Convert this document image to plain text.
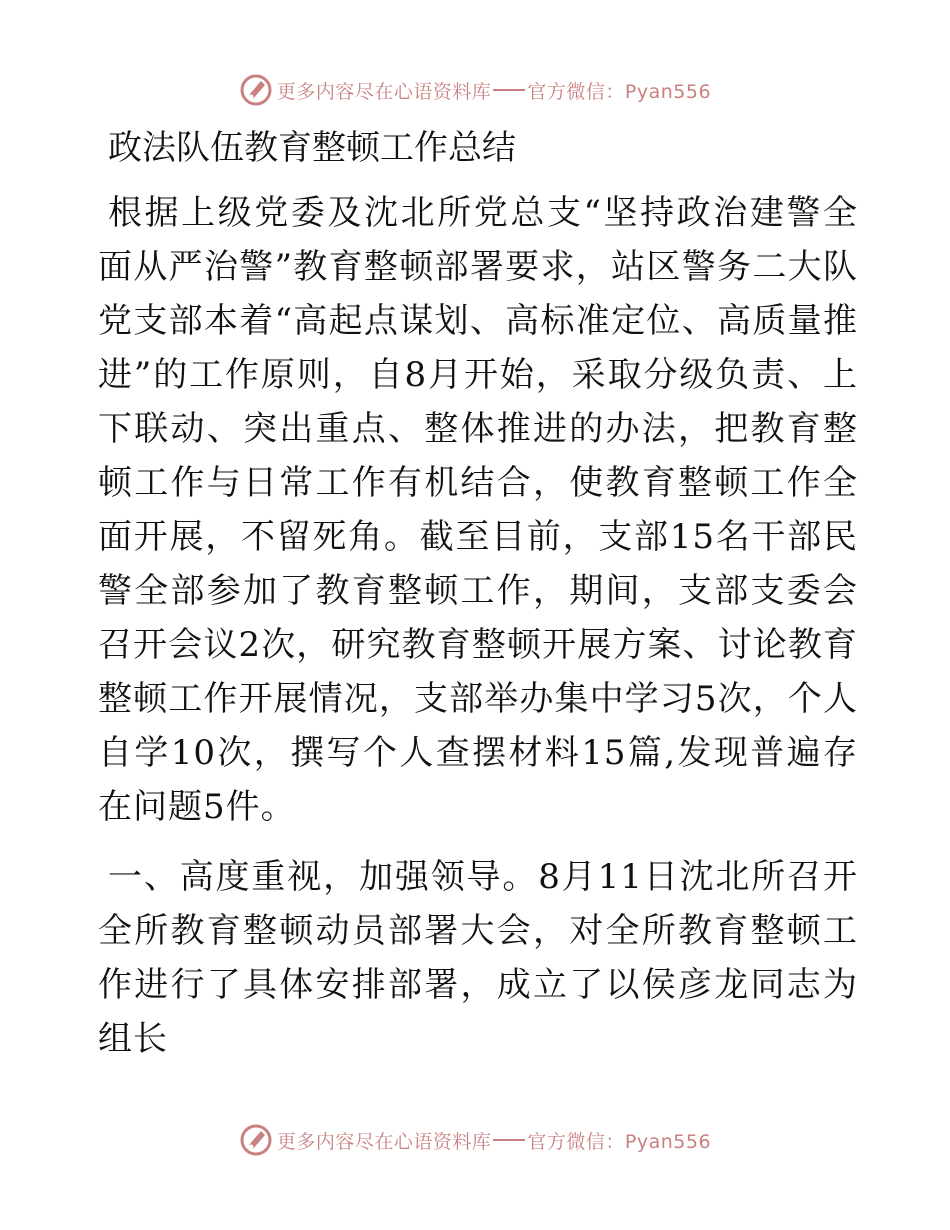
更多内容尽在心语资料库 官方微信：Pyan556
政法队伍教育整顿工作总结

根据上级党委及沈北所党总支“坚持政治建警全面从严治警”教育整顿部署要求，站区警务二大队党支部本着“高起点谋划、高标准定位、高质量推进”的工作原则，自8月开始，采取分级负责、上下联动、突出重点、整体推进的办法，把教育整顿工作与日常工作有机结合，使教育整顿工作全面开展，不留死角。截至目前，支部15名干部民警全部参加了教育整顿工作，期间，支部支委会召开会议2次，研究教育整顿开展方案、讨论教育整顿工作开展情况，支部举办集中学习5次，个人自学10次，撰写个人查摆材料15篇,发现普遍存在问题5件。

一、高度重视，加强领导。8月11日沈北所召开全所教育整顿动员部署大会，对全所教育整顿工作进行了具体安排部署，成立了以侯彦龙同志为组长

更多内容尽在心语资料库 官方微信：Pyan556
